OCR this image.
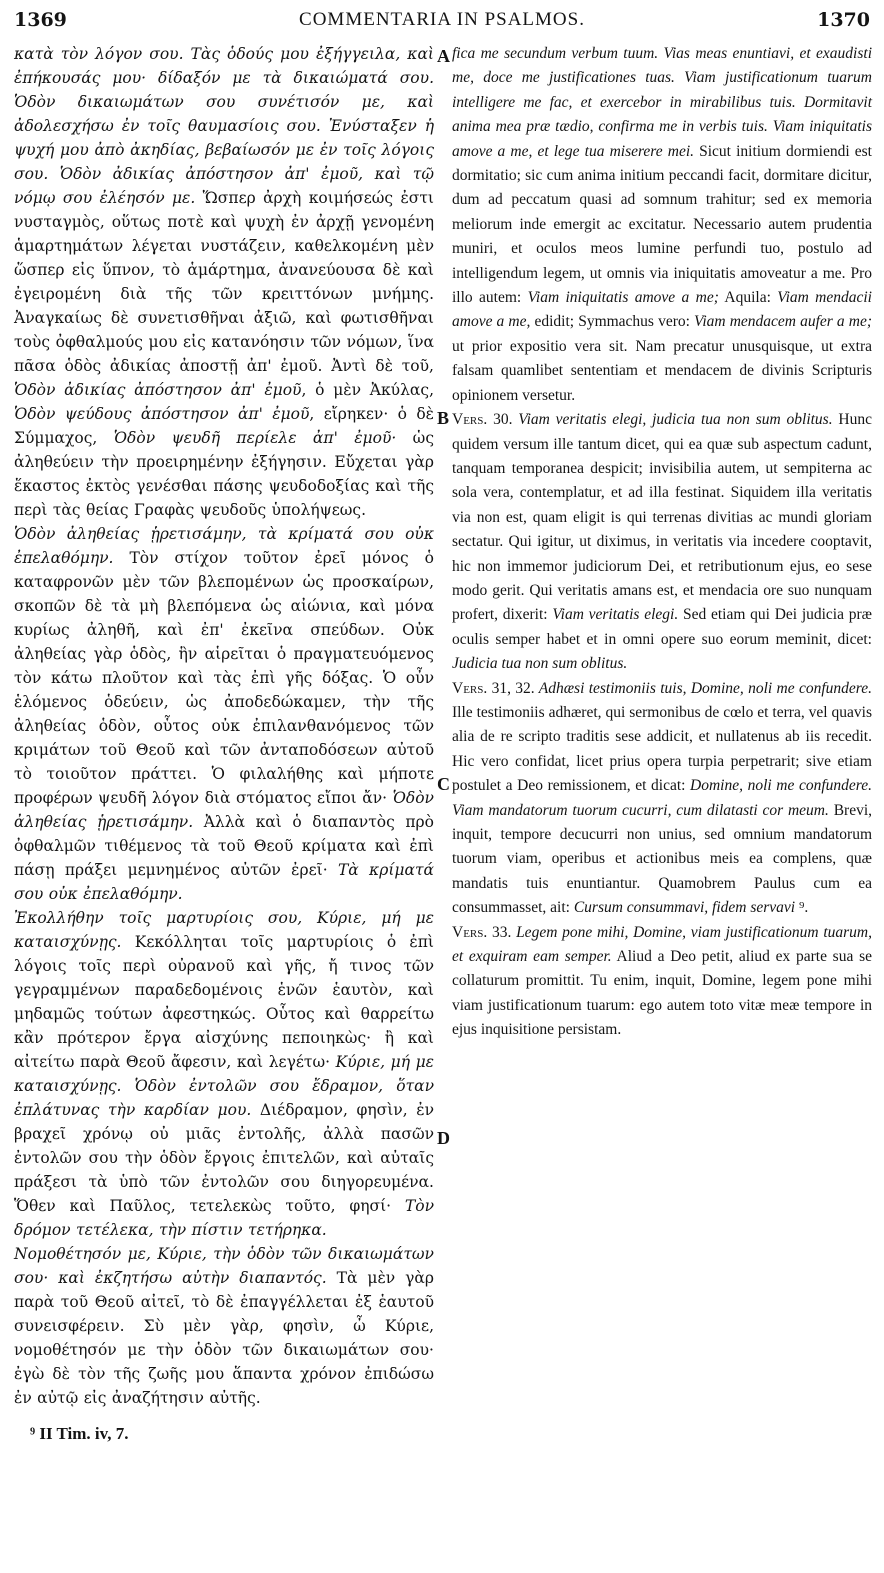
1369	COMMENTARIA IN PSALMOS.	1370

κατὰ τὸν λόγον σου. Τὰς ὁδούς μου ἐξήγγειλα, καὶ ἐπήκουσάς μου· δίδαξόν με τὰ δικαιώματά σου. Ὁδὸν δικαιωμάτων σου συνέτισόν με, καὶ ἀδολεσχήσω ἐν τοῖς θαυμασίοις σου. Ἐνύσταξεν ἡ ψυχή μου ἀπὸ ἀκηδίας, βεβαίωσόν με ἐν τοῖς λόγοις σου. Ὁδὸν ἀδικίας ἀπόστησον ἀπ' ἐμοῦ, καὶ τῷ νόμῳ σου ἐλέησόν με. Ὥσπερ ἀρχὴ κοιμήσεώς ἐστι νυσταγμὸς, οὕτως ποτὲ καὶ ψυχὴ ἐν ἀρχῇ γενομένη ἁμαρτημάτων λέγεται νυστάζειν, καθελκομένη μὲν ὥσπερ εἰς ὕπνον, τὸ ἁμάρτημα, ἀνανεύουσα δὲ καὶ ἐγειρομένη διὰ τῆς τῶν κρειττόνων μνήμης. Ἀναγκαίως δὲ συνετισθῆναι ἀξιῶ, καὶ φωτισθῆναι τοὺς ὀφθαλμούς μου εἰς κατανόησιν τῶν νόμων, ἵνα πᾶσα ὁδὸς ἀδικίας ἀποστῇ ἀπ' ἐμοῦ. Ἀντὶ δὲ τοῦ, Ὁδὸν ἀδικίας ἀπόστησον ἀπ' ἐμοῦ, ὁ μὲν Ἀκύλας, Ὁδὸν ψεύδους ἀπόστησον ἀπ' ἐμοῦ, εἴρηκεν· ὁ δὲ Σύμμαχος, Ὁδὸν ψευδῆ περίελε ἀπ' ἐμοῦ· ὡς ἀληθεύειν τὴν προειρημένην ἐξήγησιν. Εὔχεται γὰρ ἕκαστος ἐκτὸς γενέσθαι πάσης ψευδοδοξίας καὶ τῆς περὶ τὰς θείας Γραφὰς ψευδοῦς ὑπολήψεως.

Ὁδὸν ἀληθείας ᾑρετισάμην, τὰ κρίματά σου οὐκ ἐπελαθόμην. Τὸν στίχον τοῦτον ἐρεῖ μόνος ὁ καταφρονῶν μὲν τῶν βλεπομένων ὡς προσκαίρων, σκοπῶν δὲ τὰ μὴ βλεπόμενα ὡς αἰώνια, καὶ μόνα κυρίως ἀληθῆ, καὶ ἐπ' ἐκεῖνα σπεύδων. Οὐκ ἀληθείας γὰρ ὁδὸς, ἣν αἱρεῖται ὁ πραγματευόμενος τὸν κάτω πλοῦτον καὶ τὰς ἐπὶ γῆς δόξας. Ὁ οὖν ἑλόμενος ὁδεύειν, ὡς ἀποδεδώκαμεν, τὴν τῆς ἀληθείας ὁδὸν, οὗτος οὐκ ἐπιλανθανόμενος τῶν κριμάτων τοῦ Θεοῦ καὶ τῶν ἀνταποδόσεων αὐτοῦ τὸ τοιοῦτον πράττει. Ὁ φιλαλήθης καὶ μήποτε προφέρων ψευδῆ λόγον διὰ στόματος εἴποι ἄν· Ὁδὸν ἀληθείας ᾑρετισάμην. Ἀλλὰ καὶ ὁ διαπαντὸς πρὸ ὀφθαλμῶν τιθέμενος τὰ τοῦ Θεοῦ κρίματα καὶ ἐπὶ πάσῃ πράξει μεμνημένος αὐτῶν ἐρεῖ· Τὰ κρίματά σου οὐκ ἐπελαθόμην.

Ἐκολλήθην τοῖς μαρτυρίοις σου, Κύριε, μή με καταισχύνῃς. Κεκόλληται τοῖς μαρτυρίοις ὁ ἐπὶ λόγοις τοῖς περὶ οὐρανοῦ καὶ γῆς, ἤ τινος τῶν γεγραμμένων παραδεδομένοις ἑνῶν ἑαυτὸν, καὶ μηδαμῶς τούτων ἀφεστηκώς. Οὗτος καὶ θαρρείτω κἂν πρότερον ἔργα αἰσχύνης πεποιηκὼς· ἢ καὶ αἰτείτω παρὰ Θεοῦ ἄφεσιν, καὶ λεγέτω· Κύριε, μή με καταισχύνῃς. Ὁδὸν ἐντολῶν σου ἔδραμον, ὅταν ἐπλάτυνας τὴν καρδίαν μου. Διέδραμον, φησὶν, ἐν βραχεῖ χρόνῳ οὐ μιᾶς ἐντολῆς, ἀλλὰ πασῶν ἐντολῶν σου τὴν ὁδὸν ἔργοις ἐπιτελῶν, καὶ αὐταῖς πράξεσι τὰ ὑπὸ τῶν ἐντολῶν σου διηγορευμένα. Ὅθεν καὶ Παῦλος, τετελεκὼς τοῦτο, φησί· Τὸν δρόμον τετέλεκα, τὴν πίστιν τετήρηκα.

Νομοθέτησόν με, Κύριε, τὴν ὁδὸν τῶν δικαιωμάτων σου· καὶ ἐκζητήσω αὐτὴν διαπαντός. Τὰ μὲν γὰρ παρὰ τοῦ Θεοῦ αἰτεῖ, τὸ δὲ ἐπαγγέλλεται ἐξ ἑαυτοῦ συνεισφέρειν. Σὺ μὲν γὰρ, φησὶν, ὦ Κύριε, νομοθέτησόν με τὴν ὁδὸν τῶν δικαιωμάτων σου· ἐγὼ δὲ τὸν τῆς ζωῆς μου ἅπαντα χρόνον ἐπιδώσω ἐν αὐτῷ εἰς ἀναζήτησιν αὐτῆς.

fica me secundum verbum tuum. Vias meas enuntiavi, et exaudisti me, doce me justificationes tuas. Viam justificationum tuarum intelligere me fac, et exercebor in mirabilibus tuis. Dormitavit anima mea præ tædio, confirma me in verbis tuis. Viam iniquitatis amove a me, et lege tua miserere mei. Sicut initium dormiendi est dormitatio; sic cum anima initium peccandi facit, dormitare dicitur, dum ad peccatum quasi ad somnum trahitur; sed ex memoria meliorum inde emergit ac excitatur. Necessario autem prudentia muniri, et oculos meos lumine perfundi tuo, postulo ad intelligendum legem, ut omnis via iniquitatis amoveatur a me. Pro illo autem: Viam iniquitatis amove a me; Aquila: Viam mendacii amove a me, edidit; Symmachus vero: Viam mendacem aufer a me; ut prior expositio vera sit. Nam precatur unusquisque, ut extra falsam quamlibet sententiam et mendacem de divinis Scripturis opinionem versetur.

Vers. 30. Viam veritatis elegi, judicia tua non sum oblitus. Hunc quidem versum ille tantum dicet, qui ea quæ sub aspectum cadunt, tanquam temporanea despicit; invisibilia autem, ut sempiterna ac sola vera, contemplatur, et ad illa festinat. Siquidem illa veritatis via non est, quam eligit is qui terrenas divitias ac mundi gloriam sectatur. Qui igitur, ut diximus, in veritatis via incedere cooptavit, hic non immemor judiciorum Dei, et retributionum ejus, eo sese modo gerit. Qui veritatis amans est, et mendacia ore suo nunquam profert, dixerit: Viam veritatis elegi. Sed etiam qui Dei judicia præ oculis semper habet et in omni opere suo eorum meminit, dicet: Judicia tua non sum oblitus.

Vers. 31, 32. Adhæsi testimoniis tuis, Domine, noli me confundere. Ille testimoniis adhæret, qui sermonibus de cœlo et terra, vel quavis alia de re scripto traditis sese addicit, et nullatenus ab iis recedit. Hic vero confidat, licet prius opera turpia perpetrarit; sive etiam postulet a Deo remissionem, et dicat: Domine, noli me confundere. Viam mandatorum tuorum cucurri, cum dilatasti cor meum. Brevi, inquit, tempore decucurri non unius, sed omnium mandatorum tuorum viam, operibus et actionibus meis ea complens, quæ mandatis tuis enuntiantur. Quamobrem Paulus cum ea consummasset, ait: Cursum consummavi, fidem servavi ⁹.

Vers. 33. Legem pone mihi, Domine, viam justificationum tuarum, et exquiram eam semper. Aliud a Deo petit, aliud ex parte sua se collaturum promittit. Tu enim, inquit, Domine, legem pone mihi viam justificationum tuarum: ego autem toto vitæ meæ tempore in ejus inquisitione persistam.

A
B
C
D
⁹ II Tim. iv, 7.
